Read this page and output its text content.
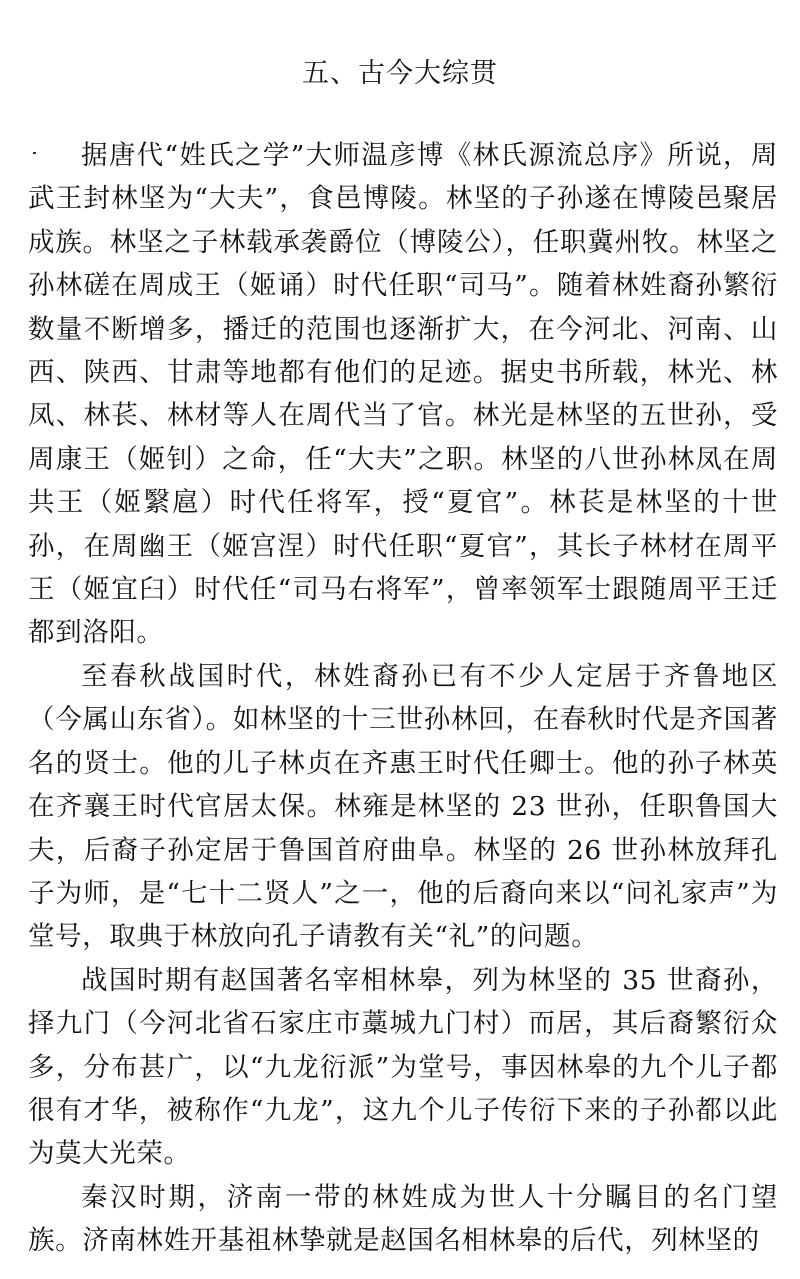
五、古今大综贯

据唐代“姓氏之学”大师温彦博《林氏源流总序》所说，周武王封林坚为“大夫”，食邑博陵。林坚的子孙遂在博陵邑聚居成族。林坚之子林载承袭爵位（博陵公），任职冀州牧。林坚之孙林磋在周成王（姬诵）时代任职“司马”。随着林姓裔孙繁衍数量不断增多，播迁的范围也逐渐扩大，在今河北、河南、山西、陕西、甘肃等地都有他们的足迹。据史书所载，林光、林凤、林苌、林材等人在周代当了官。林光是林坚的五世孙，受周康王（姬钊）之命，任“大夫”之职。林坚的八世孙林凤在周共王（姬繄扈）时代任将军，授“夏官”。林苌是林坚的十世孙，在周幽王（姬宫涅）时代任职“夏官”，其长子林材在周平王（姬宜臼）时代任“司马右将军”，曾率领军士跟随周平王迁都到洛阳。

至春秋战国时代，林姓裔孙已有不少人定居于齐鲁地区（今属山东省）。如林坚的十三世孙林回，在春秋时代是齐国著名的贤士。他的儿子林贞在齐惠王时代任卿士。他的孙子林英在齐襄王时代官居太保。林雍是林坚的 23 世孙，任职鲁国大夫，后裔子孙定居于鲁国首府曲阜。林坚的 26 世孙林放拜孔子为师，是“七十二贤人”之一，他的后裔向来以“问礼家声”为堂号，取典于林放向孔子请教有关“礼”的问题。

战国时期有赵国著名宰相林皋，列为林坚的 35 世裔孙，择九门（今河北省石家庄市藁城九门村）而居，其后裔繁衍众多，分布甚广，以“九龙衍派”为堂号，事因林皋的九个儿子都很有才华，被称作“九龙”，这九个儿子传衍下来的子孙都以此为莫大光荣。

秦汉时期，济南一带的林姓成为世人十分瞩目的名门望族。济南林姓开基祖林挚就是赵国名相林皋的后代，列林坚的
